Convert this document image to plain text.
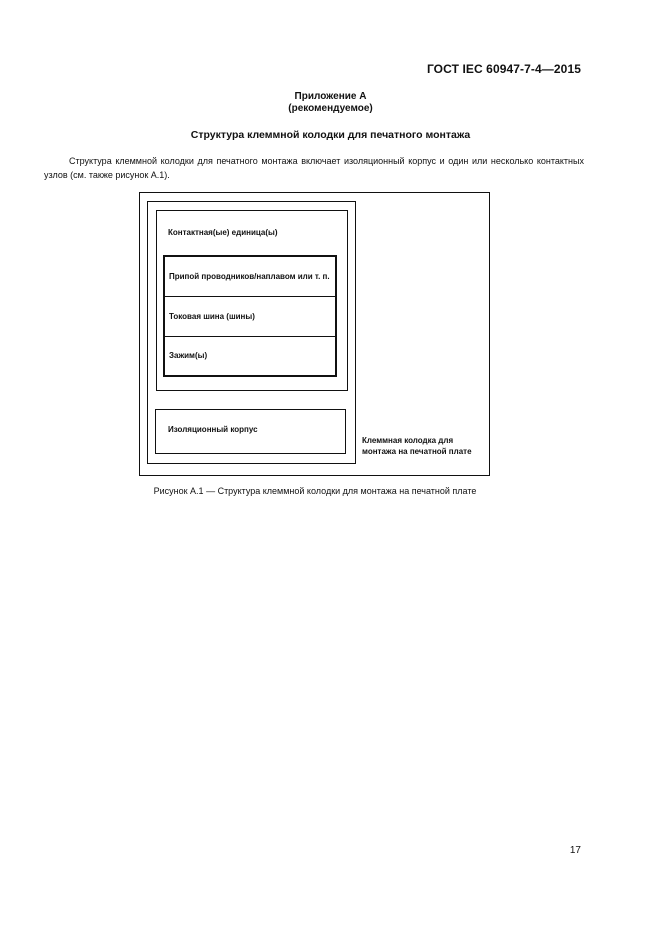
ГОСТ IEC 60947-7-4—2015
Приложение А
(рекомендуемое)
Структура клеммной колодки для печатного монтажа
Структура клеммной колодки для печатного монтажа включает изоляционный корпус и один или несколько контактных узлов (см. также рисунок А.1).
Контактная(ые) единица(ы)
Припой проводников/наплавом или т. п.
Токовая шина (шины)
Зажим(ы)
Изоляционный корпус
Клеммная колодка для
монтажа на печатной плате
Рисунок А.1 — Структура клеммной колодки для монтажа на печатной плате
17
